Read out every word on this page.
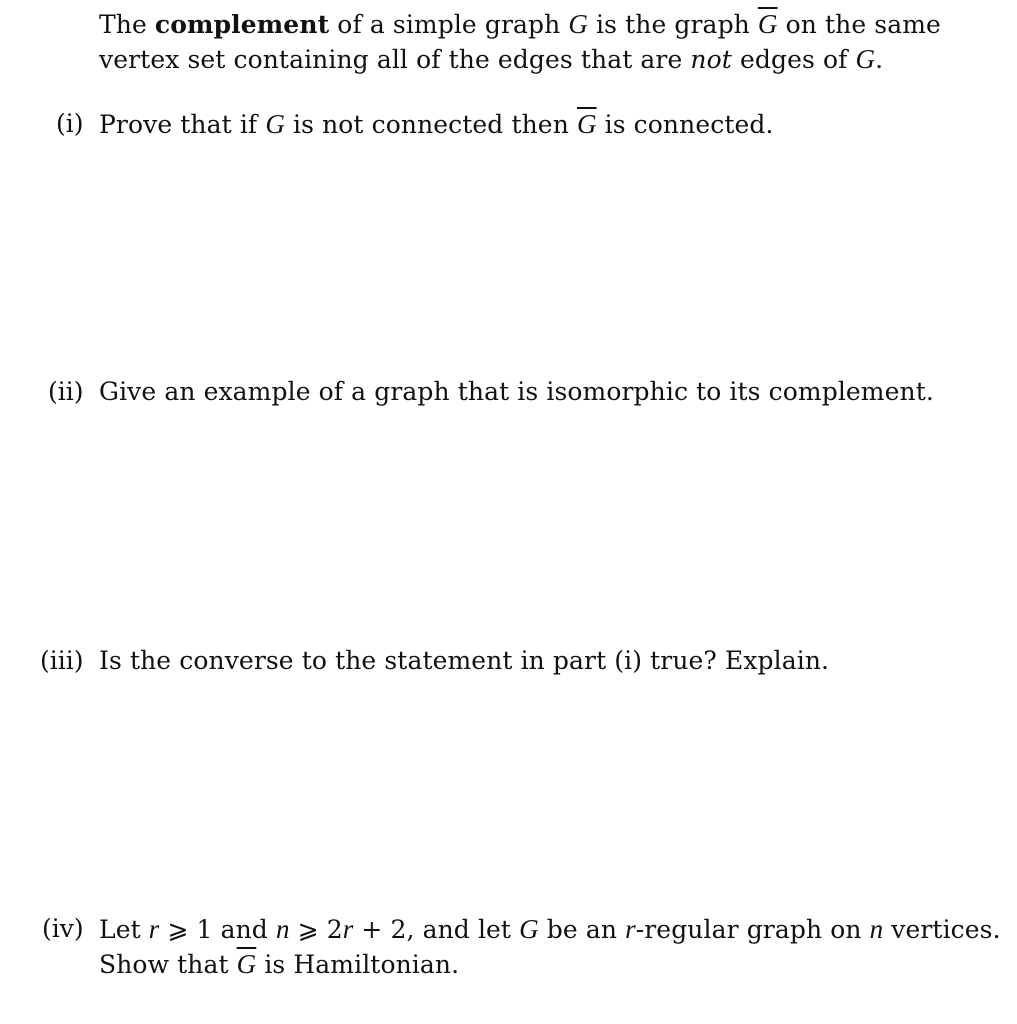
The complement of a simple graph G is the graph $\overline{G}$ on the same
vertex set containing all of the edges that are not edges of G.
(i) Prove that if G is not connected then $\overline{G}$ is connected.
(ii) Give an example of a graph that is isomorphic to its complement.
(iii) Is the converse to the statement in part (i) true? Explain.
(iv) Let r ⩾ 1 and n ⩾ 2r + 2, and let G be an r-regular graph on n vertices.
Show that $\overline{G}$ is Hamiltonian.
